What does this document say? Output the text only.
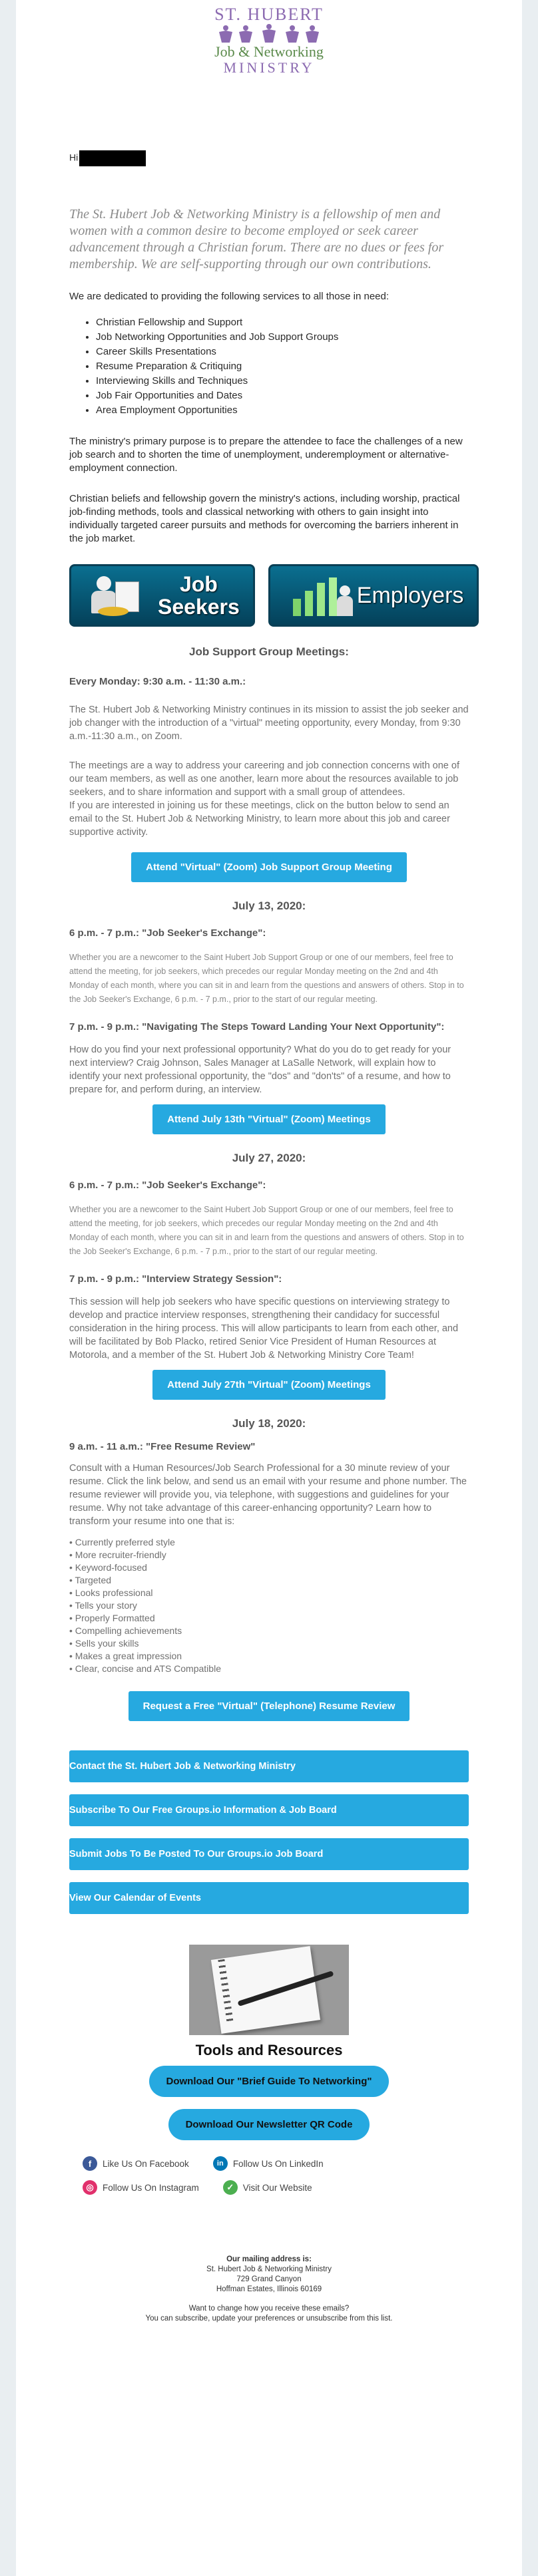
ST. HUBERT
Job & Networking
MINISTRY
Hi
The St. Hubert Job & Networking Ministry is a fellowship of men and women with a common desire to become employed or seek career advancement through a Christian forum. There are no dues or fees for membership. We are self-supporting through our own contributions.
We are dedicated to providing the following services to all those in need:
• Christian Fellowship and Support
• Job Networking Opportunities and Job Support Groups
• Career Skills Presentations
• Resume Preparation & Critiquing
• Interviewing Skills and Techniques
• Job Fair Opportunities and Dates
• Area Employment Opportunities
The ministry's primary purpose is to prepare the attendee to face the challenges of a new job search and to shorten the time of unemployment, underemployment or alternative-employment connection.
Christian beliefs and fellowship govern the ministry's actions, including worship, practical job-finding methods, tools and classical networking with others to gain insight into individually targeted career pursuits and methods for overcoming the barriers inherent in the job market.
Job
Seekers	Employers
Job Support Group Meetings:
Every Monday: 9:30 a.m. - 11:30 a.m.:
The St. Hubert Job & Networking Ministry continues in its mission to assist the job seeker and job changer with the introduction of a "virtual" meeting opportunity, every Monday, from 9:30 a.m.-11:30 a.m., on Zoom.
The meetings are a way to address your careering and job connection concerns with one of our team members, as well as one another, learn more about the resources available to job seekers, and to share information and support with a small group of attendees.
If you are interested in joining us for these meetings, click on the button below to send an email to the St. Hubert Job & Networking Ministry, to learn more about this job and career supportive activity.
Attend "Virtual" (Zoom) Job Support Group Meeting
July 13, 2020:
6 p.m. - 7 p.m.: "Job Seeker's Exchange":
Whether you are a newcomer to the Saint Hubert Job Support Group or one of our members, feel free to attend the meeting, for job seekers, which precedes our regular Monday meeting on the 2nd and 4th Monday of each month, where you can sit in and learn from the questions and answers of others. Stop in to the Job Seeker's Exchange, 6 p.m. - 7 p.m., prior to the start of our regular meeting.
7 p.m. - 9 p.m.: "Navigating The Steps Toward Landing Your Next Opportunity":
How do you find your next professional opportunity? What do you do to get ready for your next interview? Craig Johnson, Sales Manager at LaSalle Network, will explain how to identify your next professional opportunity, the "dos" and "don'ts" of a resume, and how to prepare for, and perform during, an interview.
Attend July 13th "Virtual" (Zoom) Meetings
July 27, 2020:
6 p.m. - 7 p.m.: "Job Seeker's Exchange":
Whether you are a newcomer to the Saint Hubert Job Support Group or one of our members, feel free to attend the meeting, for job seekers, which precedes our regular Monday meeting on the 2nd and 4th Monday of each month, where you can sit in and learn from the questions and answers of others. Stop in to the Job Seeker's Exchange, 6 p.m. - 7 p.m., prior to the start of our regular meeting.
7 p.m. - 9 p.m.: "Interview Strategy Session":
This session will help job seekers who have specific questions on interviewing strategy to develop and practice interview responses, strengthening their candidacy for successful consideration in the hiring process. This will allow participants to learn from each other, and will be facilitated by Bob Placko, retired Senior Vice President of Human Resources at Motorola, and a member of the St. Hubert Job & Networking Ministry Core Team!
Attend July 27th "Virtual" (Zoom) Meetings
July 18, 2020:
9 a.m. - 11 a.m.: "Free Resume Review"
Consult with a Human Resources/Job Search Professional for a 30 minute review of your resume. Click the link below, and send us an email with your resume and phone number. The resume reviewer will provide you, via telephone, with suggestions and guidelines for your resume. Why not take advantage of this career-enhancing opportunity? Learn how to transform your resume into one that is:
• Currently preferred style
• More recruiter-friendly
• Keyword-focused
• Targeted
• Looks professional
• Tells your story
• Properly Formatted
• Compelling achievements
• Sells your skills
• Makes a great impression
• Clear, concise and ATS Compatible
Request a Free "Virtual" (Telephone) Resume Review
Contact the St. Hubert Job & Networking Ministry
Subscribe To Our Free Groups.io Information & Job Board
Submit Jobs To Be Posted To Our Groups.io Job Board
View Our Calendar of Events
Tools and Resources
Download Our "Brief Guide To Networking"
Download Our Newsletter QR Code
f	Like Us On Facebook	in	Follow Us On LinkedIn
◎ Follow Us On Instagram	✓	Visit Our Website
Our mailing address is:
St. Hubert Job & Networking Ministry
729 Grand Canyon
Hoffman Estates, Illinois 60169
Want to change how you receive these emails?
You can subscribe, update your preferences or unsubscribe from this list.
